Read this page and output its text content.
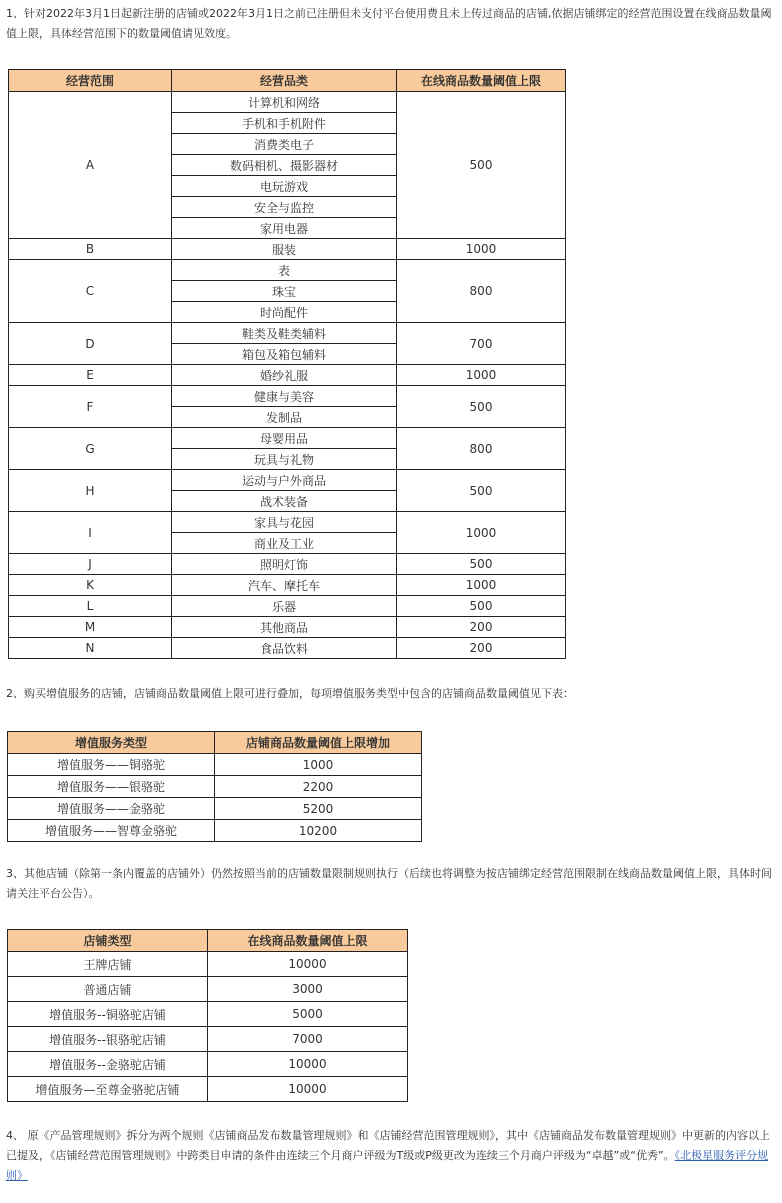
1、针对2022年3月1日起新注册的店铺或2022年3月1日之前已注册但未支付平台使用费且未上传过商品的店铺,依据店铺绑定的经营范围设置在线商品数量阈值上限，具体经营范围下的数量阈值请见效度。

经营范围	经营品类	在线商品数量阈值上限
A	计算机和网络	500
	手机和手机附件	
	消费类电子	
	数码相机、摄影器材	
	电玩游戏	
	安全与监控	
	家用电器	
B	服装	1000
C	表	800
	珠宝	
	时尚配件	
D	鞋类及鞋类辅料	700
	箱包及箱包辅料	
E	婚纱礼服	1000
F	健康与美容	500
	发制品	
G	母婴用品	800
	玩具与礼物	
H	运动与户外商品	500
	战术装备	
I	家具与花园	1000
	商业及工业	
J	照明灯饰	500
K	汽车、摩托车	1000
L	乐器	500
M	其他商品	200
N	食品饮料	200

2、购买增值服务的店铺，店铺商品数量阈值上限可进行叠加，每项增值服务类型中包含的店铺商品数量阈值见下表：

增值服务类型	店铺商品数量阈值上限增加
增值服务——铜骆驼	1000
增值服务——银骆驼	2200
增值服务——金骆驼	5200
增值服务——智尊金骆驼	10200

3、其他店铺（除第一条内覆盖的店铺外）仍然按照当前的店铺数量限制规则执行（后续也将调整为按店铺绑定经营范围限制在线商品数量阈值上限，具体时间请关注平台公告）。

店铺类型	在线商品数量阈值上限
王牌店铺	10000
普通店铺	3000
增值服务--铜骆驼店铺	5000
增值服务--银骆驼店铺	7000
增值服务--金骆驼店铺	10000
增值服务—至尊金骆驼店铺	10000

4、 原《产品管理规则》拆分为两个规则《店铺商品发布数量管理规则》和《店铺经营范围管理规则》，其中《店铺商品发布数量管理规则》中更新的内容以上已提及，《店铺经营范围管理规则》中跨类目申请的条件由连续三个月商户评级为T级或P级更改为连续三个月商户评级为“卓越”或“优秀”。《北极星服务评分规则》
